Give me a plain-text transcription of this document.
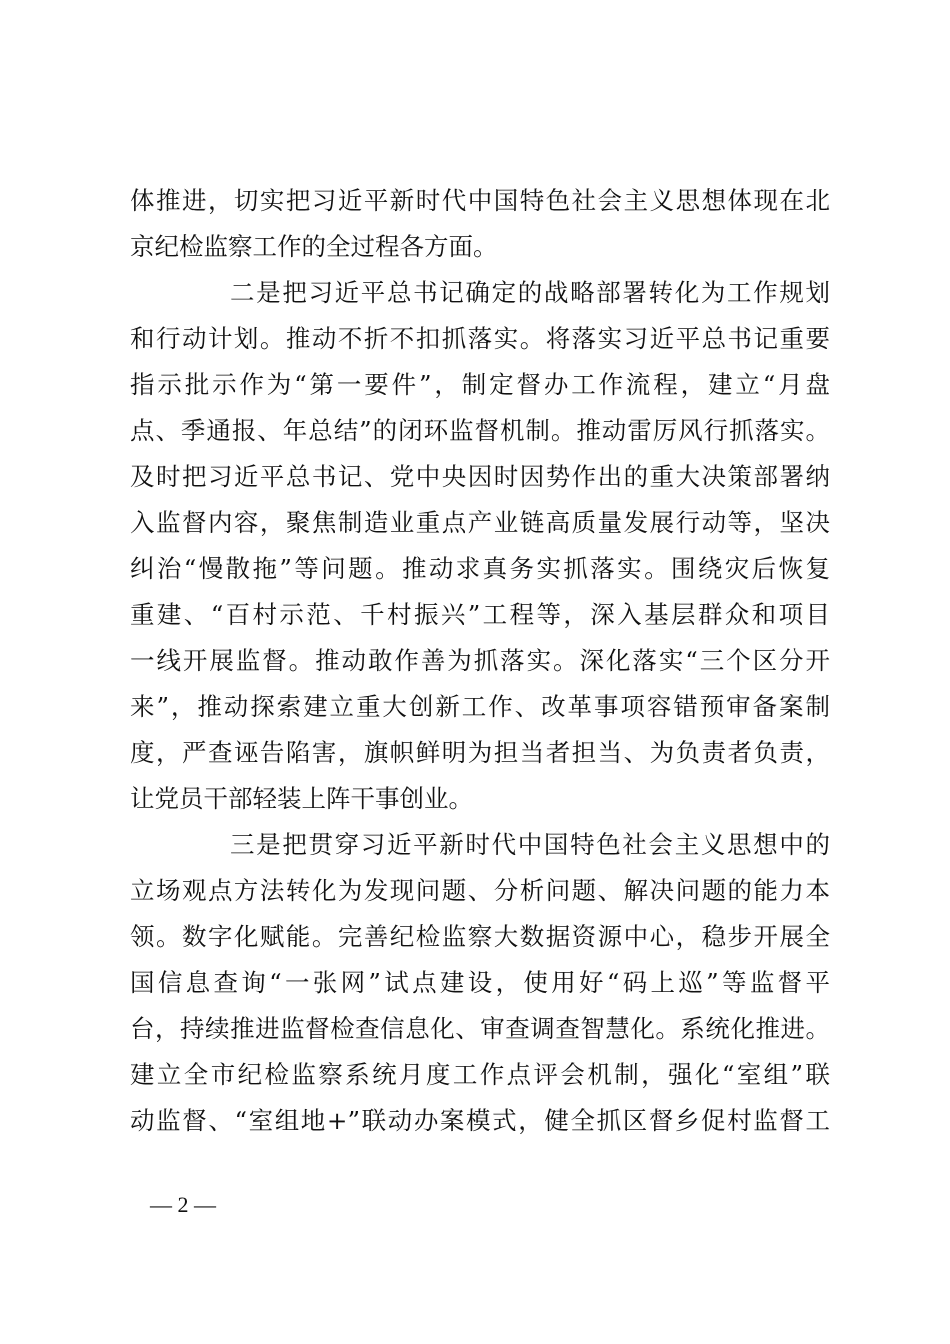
体推进，切实把习近平新时代中国特色社会主义思想体现在北
京纪检监察工作的全过程各方面。
二是把习近平总书记确定的战略部署转化为工作规划
和行动计划。推动不折不扣抓落实。将落实习近平总书记重要
指示批示作为“第一要件”，制定督办工作流程，建立“月盘
点、季通报、年总结”的闭环监督机制。推动雷厉风行抓落实。
及时把习近平总书记、党中央因时因势作出的重大决策部署纳
入监督内容，聚焦制造业重点产业链高质量发展行动等，坚决
纠治“慢散拖”等问题。推动求真务实抓落实。围绕灾后恢复
重建、“百村示范、千村振兴”工程等，深入基层群众和项目
一线开展监督。推动敢作善为抓落实。深化落实“三个区分开
来”，推动探索建立重大创新工作、改革事项容错预审备案制
度，严查诬告陷害，旗帜鲜明为担当者担当、为负责者负责，
让党员干部轻装上阵干事创业。
三是把贯穿习近平新时代中国特色社会主义思想中的
立场观点方法转化为发现问题、分析问题、解决问题的能力本
领。数字化赋能。完善纪检监察大数据资源中心，稳步开展全
国信息查询“一张网”试点建设，使用好“码上巡”等监督平
台，持续推进监督检查信息化、审查调查智慧化。系统化推进。
建立全市纪检监察系统月度工作点评会机制，强化“室组”联
动监督、“室组地+”联动办案模式，健全抓区督乡促村监督工
— 2 —
